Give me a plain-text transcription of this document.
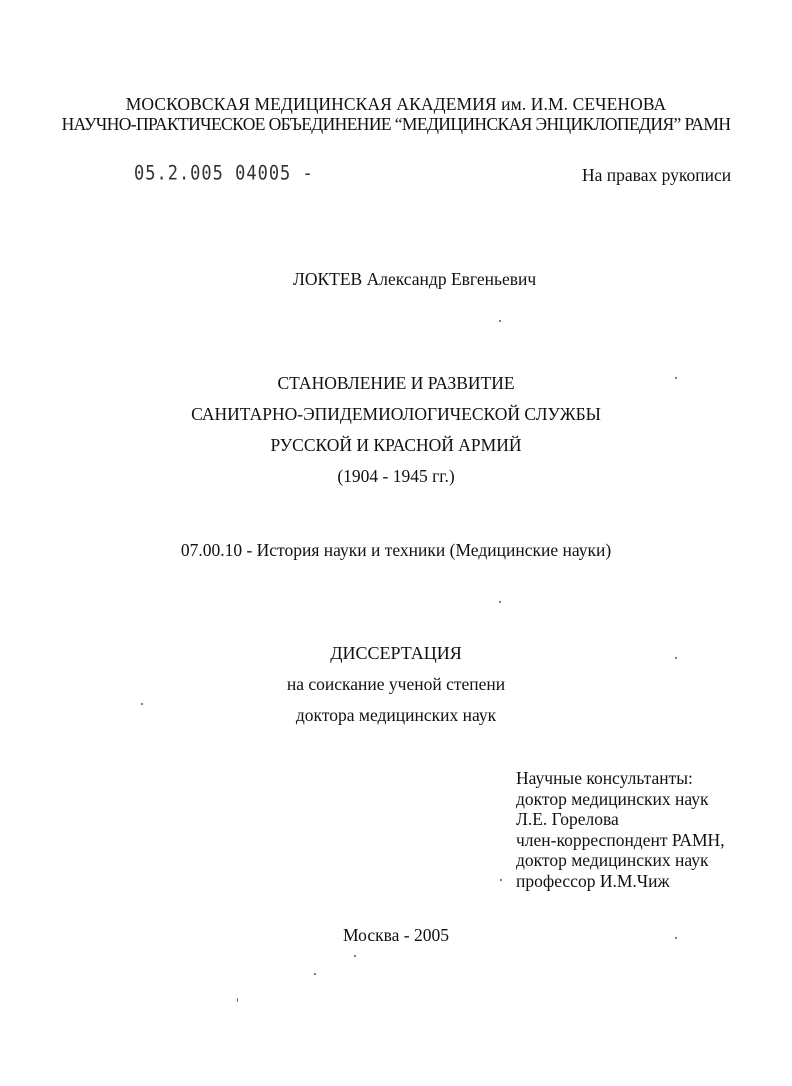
МОСКОВСКАЯ МЕДИЦИНСКАЯ АКАДЕМИЯ им. И.М. СЕЧЕНОВА
НАУЧНО-ПРАКТИЧЕСКОЕ ОБЪЕДИНЕНИЕ “МЕДИЦИНСКАЯ ЭНЦИКЛОПЕДИЯ” РАМН
05.2.005 04005 -	На правах рукописи
ЛОКТЕВ Александр Евгеньевич
СТАНОВЛЕНИЕ И РАЗВИТИЕ
САНИТАРНО-ЭПИДЕМИОЛОГИЧЕСКОЙ СЛУЖБЫ
РУССКОЙ И КРАСНОЙ АРМИЙ
(1904 - 1945 гг.)
07.00.10 - История науки и техники (Медицинские науки)
ДИССЕРТАЦИЯ
на соискание ученой степени
доктора медицинских наук
Научные консультанты:
доктор медицинских наук
Л.Е. Горелова
член-корреспондент РАМН,
доктор медицинских наук
профессор И.М.Чиж
Москва - 2005
